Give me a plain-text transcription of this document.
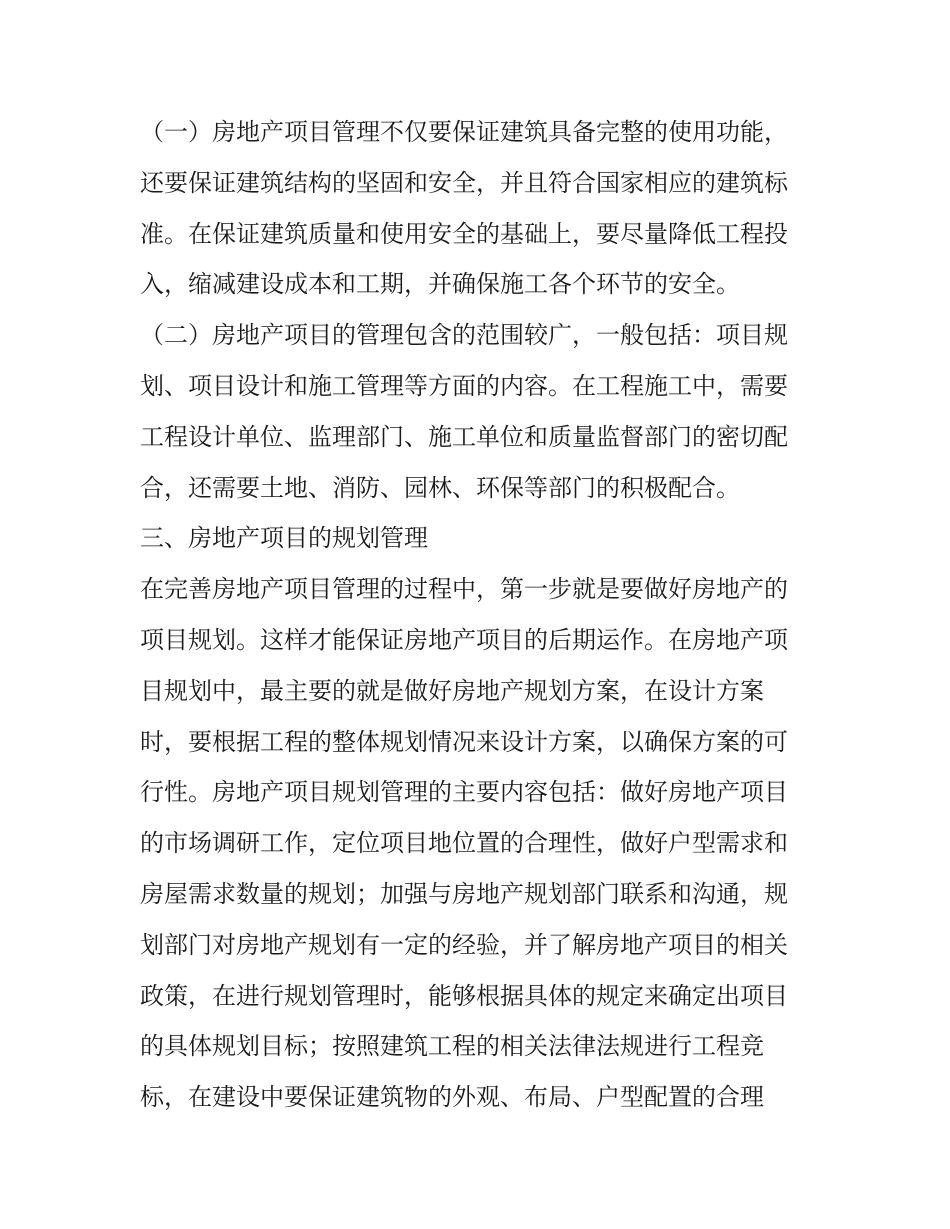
（一）房地产项目管理不仅要保证建筑具备完整的使用功能，
还要保证建筑结构的坚固和安全，并且符合国家相应的建筑标
准。在保证建筑质量和使用安全的基础上，要尽量降低工程投
入，缩减建设成本和工期，并确保施工各个环节的安全。
（二）房地产项目的管理包含的范围较广，一般包括：项目规
划、项目设计和施工管理等方面的内容。在工程施工中，需要
工程设计单位、监理部门、施工单位和质量监督部门的密切配
合，还需要土地、消防、园林、环保等部门的积极配合。
三、房地产项目的规划管理
在完善房地产项目管理的过程中，第一步就是要做好房地产的
项目规划。这样才能保证房地产项目的后期运作。在房地产项
目规划中，最主要的就是做好房地产规划方案，在设计方案
时，要根据工程的整体规划情况来设计方案，以确保方案的可
行性。房地产项目规划管理的主要内容包括：做好房地产项目
的市场调研工作，定位项目地位置的合理性，做好户型需求和
房屋需求数量的规划；加强与房地产规划部门联系和沟通，规
划部门对房地产规划有一定的经验，并了解房地产项目的相关
政策，在进行规划管理时，能够根据具体的规定来确定出项目
的具体规划目标；按照建筑工程的相关法律法规进行工程竞
标，在建设中要保证建筑物的外观、布局、户型配置的合理
